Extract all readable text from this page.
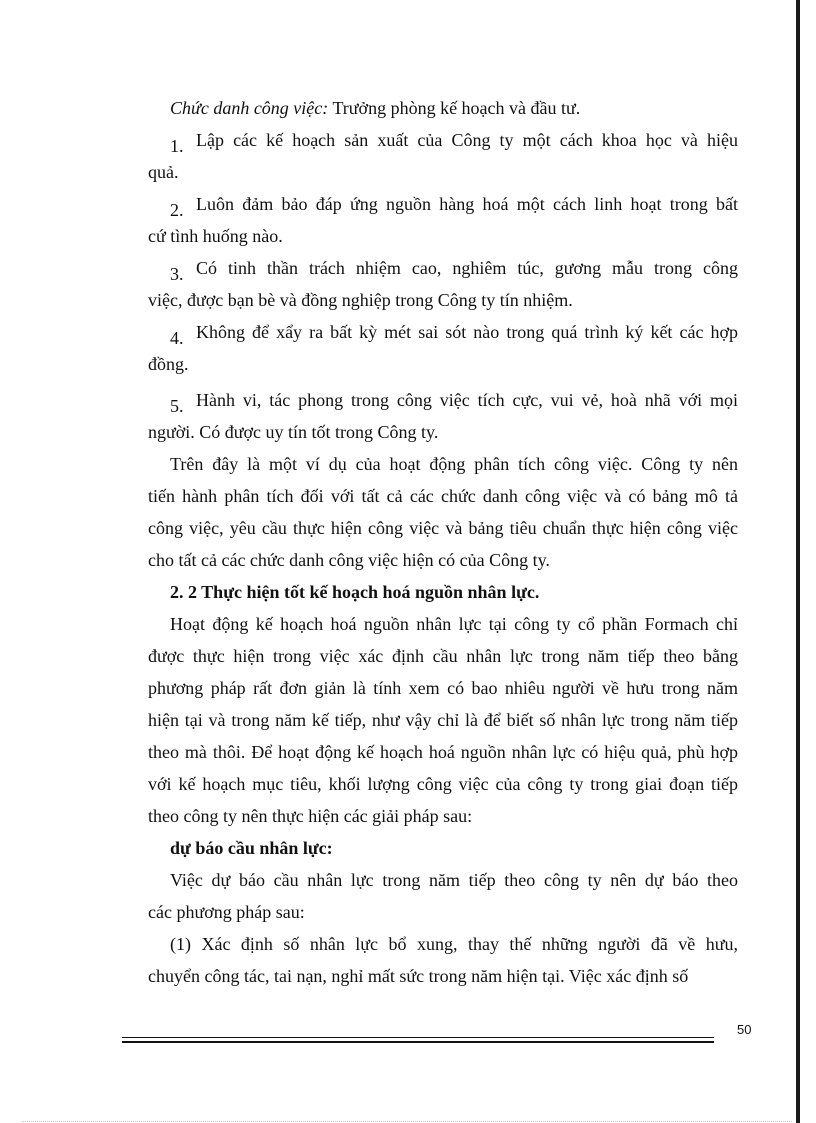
Chức danh công việc: Trưởng phòng kế hoạch và đầu tư.
1. Lập các kế hoạch sản xuất của Công ty một cách khoa học và hiệu
quả.
2. Luôn đảm bảo đáp ứng nguồn hàng hoá một cách linh hoạt trong bất
cứ tình huống nào.
3. Có tinh thần trách nhiệm cao, nghiêm túc, gương mẫu trong công
việc, được bạn bè và đồng nghiệp trong Công ty tín nhiệm.
4. Không để xẩy ra bất kỳ mét sai sót nào trong quá trình ký kết các hợp
đồng.
5. Hành vi, tác phong trong công việc tích cực, vui vẻ, hoà nhã với mọi
người. Có được uy tín tốt trong Công ty.
Trên đây là một ví dụ của hoạt động phân tích công việc. Công ty nên
tiến hành phân tích đối với tất cả các chức danh công việc và có bảng mô tả
công việc, yêu cầu thực hiện công việc và bảng tiêu chuẩn thực hiện công việc
cho tất cả các chức danh công việc hiện có của Công ty.
2. 2 Thực hiện tốt kế hoạch hoá nguồn nhân lực.
Hoạt động kế hoạch hoá nguồn nhân lực tại công ty cổ phần Formach chỉ
được thực hiện trong việc xác định cầu nhân lực trong năm tiếp theo bằng
phương pháp rất đơn giản là tính xem có bao nhiêu người về hưu trong năm
hiện tại và trong năm kế tiếp, như vậy chỉ là để biết số nhân lực trong năm tiếp
theo mà thôi. Để hoạt động kế hoạch hoá nguồn nhân lực có hiệu quả, phù hợp
với kế hoạch mục tiêu, khối lượng công việc của công ty trong giai đoạn tiếp
theo công ty nên thực hiện các giải pháp sau:
dự báo cầu nhân lực:
Việc dự báo cầu nhân lực trong năm tiếp theo công ty nên dự báo theo
các phương pháp sau:
(1) Xác định số nhân lực bổ xung, thay thế những người đã về hưu,
chuyển công tác, tai nạn, nghỉ mất sức trong năm hiện tại. Việc xác định số
50
